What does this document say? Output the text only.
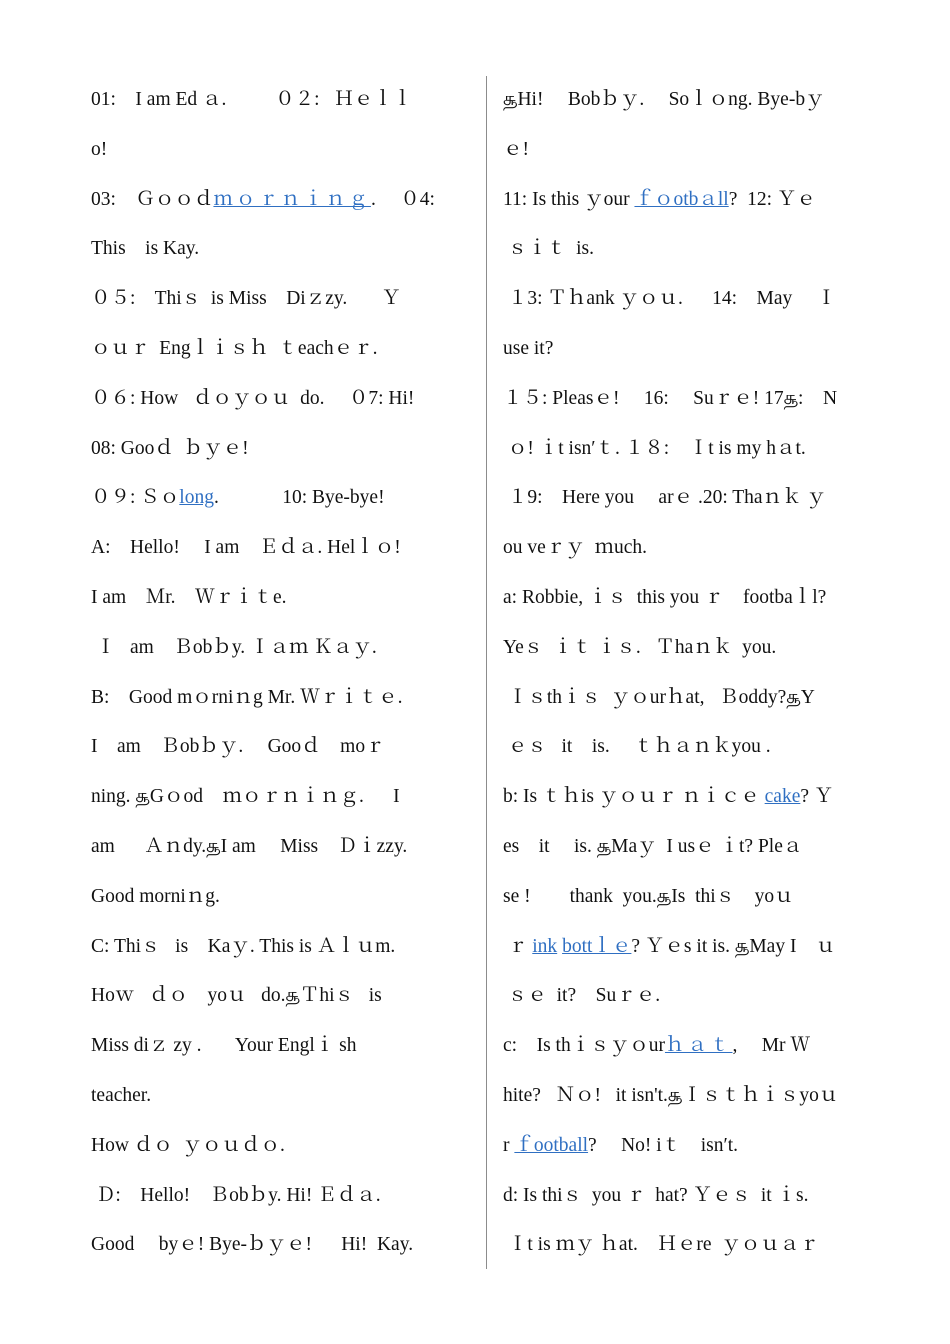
01:    I am Ed ａ.          ０２:   Ｈｅｌｌ
o!
03:    Ｇｏｏｄｍｏｒｎｉｎｇ.     ０4:
This    is Kay.
０５:    Thiｓ  is Miss    Diｚzy.       Ｙ
ｏｕｒ  Engｌｉｓｈ  ｔeachｅｒ.
０６: How   ｄｏｙｏｕ  do.     ０7: Hi!
08: Gooｄ  ｂｙｅ!
０９: Ｓｏlong.             10: Bye-bye!
A:    Hello!     I am    Ｅｄａ. Helｌｏ!
I am    Ｍr.    Ｗｒｉｔe.
Ｉ   am    Ｂobｂy. Ｉａｍ Ｋａｙ.
B:    Good mｏrniｎg Mr. Ｗｒｉｔｅ.
I    am    Ｂobｂｙ.     Gooｄ    moｒ
ning. ௲Gｏod    ｍｏｒｎｉｎｇ.      I
am      Ａｎdy.௲I am     Miss    Ｄｉzzy.
Good morniｎg.
C: Thiｓ   is    Kaｙ. This is Ａｌｕm.
Hoｗ   ｄｏ    yoｕ   do.௲Ｔhiｓ   is
Miss diｚ zy .       Your Englｉ sh
teacher.
How ｄｏ  ｙｏｕｄｏ.
Ｄ:    Hello!    Ｂobｂy. Hi! Ｅｄａ.
Good     byｅ! Bye-ｂｙｅ!      Hi!  Kay.
௲Hi!     Bobｂｙ.     Soｌｏng. Bye-bｙ
ｅ!
11: Is this ｙour ｆｏotbａll?  12: Ｙｅ
ｓｉｔ  is.
１3: Ｔｈank ｙｏｕ.      14:    May     Ｉ
use it?
１５: Pleasｅ!     16:     Suｒｅ! 17௲:    N
ｏ! ｉt isn′ｔ. １８:    Ｉt is my hａt.
１9:    Here you     arｅ .20: Thaｎｋ ｙ
ou veｒｙ  ｍuch.
a: Robbie, ｉｓ  this you ｒ    footbaｌl?
Yeｓ  ｉｔ ｉｓ.   Ｔhaｎｋ  you.
Ｉｓthｉｓ  ｙｏurｈat,   Ｂoddy?௲Y
ｅｓ   it    is.     ｔｈａｎｋyou .
b: Is ｔｈis ｙｏｕｒ ｎｉｃｅ cake? Ｙ
es    it     is. ௲Maｙ  I usｅ ｉt? Pleａ
se !        thank  you.௲Is  thiｓ    yoｕ
ｒ ink bottｌｅ? Ｙｅs it is. ௲May I    ｕ
ｓｅ  it?    Suｒｅ.
c:    Is thｉｓｙｏurｈａｔ,     Mr Ｗ
hite?   Ｎｏ!   it isn't.௲Ｉｓｔｈｉｓyoｕ
r ｆootball?     No! iｔ    isn′t.
d: Is thiｓ  you ｒ  hat? Ｙｅｓ  it ｉs.
Ｉt is ｍｙ ｈat.    Ｈｅre  ｙｏｕａｒ
